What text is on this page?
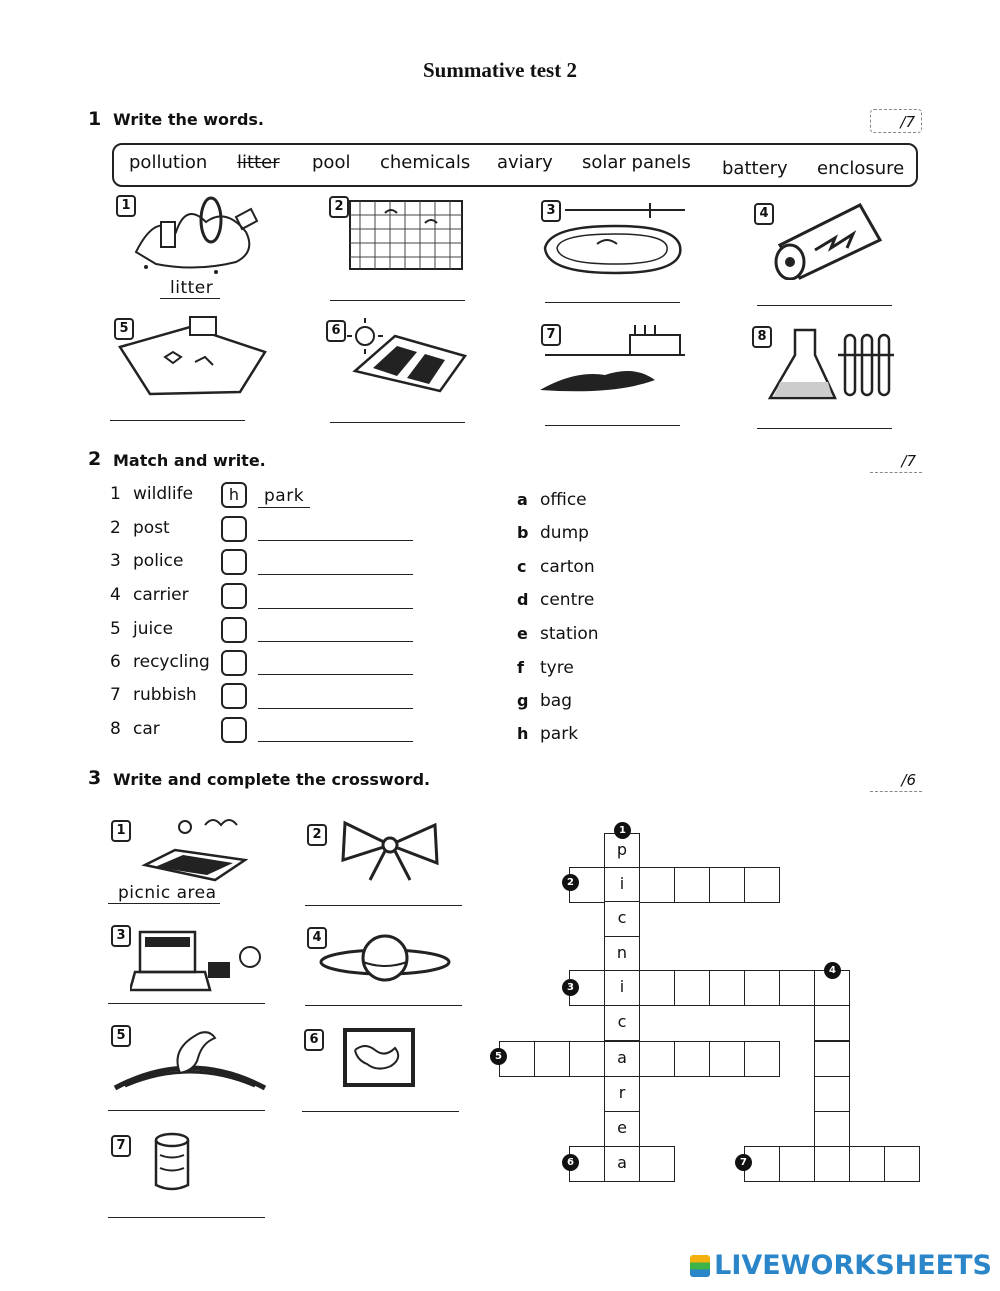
Summative test 2
1 Write the words.	/7
pollution litter pool chemicals aviary solar panels battery enclosure
1
litter
2	3	4
5	6	7	8
2 Match and write.	/7
1 wildlife	h	park
2 post
3 police
4 carrier
5 juice
6 recycling
7 rubbish
8 car
a office
b dump
c carton
d centre
e station
f tyre
g bag
h park
3 Write and complete the crossword.	/6
1
picnic area
2
3	4
5	6
7
p
i
c
n
i
c
a
r
e
a
1
2
3
4
5
6	7
LIVEWORKSHEETS
